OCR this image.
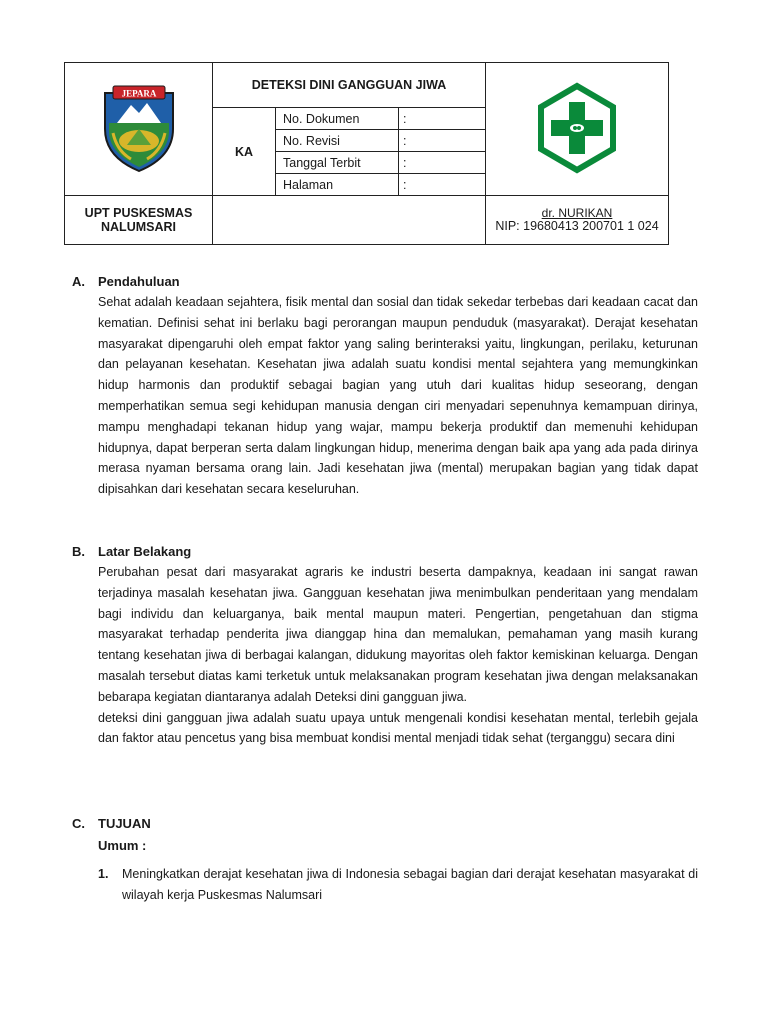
JEPARA	DETEKSI DINI GANGGUAN JIWA	
	KA	No. Dokumen	:	
		No. Revisi	:	
		Tanggal Terbit	:	
		Halaman	:	
UPT PUSKESMAS NALUMSARI				dr. NURIKAN
NIP: 19680413 200701 1 024
A. Pendahuluan
Sehat adalah keadaan sejahtera, fisik mental dan sosial dan tidak sekedar terbebas dari keadaan cacat dan kematian. Definisi sehat ini berlaku bagi perorangan maupun penduduk (masyarakat). Derajat kesehatan masyarakat dipengaruhi oleh empat faktor yang saling berinteraksi yaitu, lingkungan, perilaku, keturunan dan pelayanan kesehatan. Kesehatan jiwa adalah suatu kondisi mental sejahtera yang memungkinkan hidup harmonis dan produktif sebagai bagian yang utuh dari kualitas hidup seseorang, dengan memperhatikan semua segi kehidupan manusia dengan ciri menyadari sepenuhnya kemampuan dirinya, mampu menghadapi tekanan hidup yang wajar, mampu bekerja produktif dan memenuhi kehidupan hidupnya, dapat berperan serta dalam lingkungan hidup, menerima dengan baik apa yang ada pada dirinya merasa nyaman bersama orang lain. Jadi kesehatan jiwa (mental) merupakan bagian yang tidak dapat dipisahkan dari kesehatan secara keseluruhan.
B. Latar Belakang
Perubahan pesat dari masyarakat agraris ke industri beserta dampaknya, keadaan ini sangat rawan terjadinya masalah kesehatan jiwa. Gangguan kesehatan jiwa menimbulkan penderitaan yang mendalam bagi individu dan keluarganya, baik mental maupun materi. Pengertian, pengetahuan dan stigma masyarakat terhadap penderita jiwa dianggap hina dan memalukan, pemahaman yang masih kurang tentang kesehatan jiwa di berbagai kalangan, didukung mayoritas oleh faktor kemiskinan keluarga. Dengan masalah tersebut diatas kami terketuk untuk melaksanakan program kesehatan jiwa dengan melaksanakan bebarapa kegiatan diantaranya adalah Deteksi dini gangguan jiwa.
deteksi dini gangguan jiwa adalah suatu upaya untuk mengenali kondisi kesehatan mental, terlebih gejala dan faktor atau pencetus yang bisa membuat kondisi mental menjadi tidak sehat (terganggu) secara dini
C. TUJUAN
Umum :
1.	Meningkatkan derajat kesehatan jiwa di Indonesia sebagai bagian dari derajat kesehatan masyarakat di wilayah kerja Puskesmas Nalumsari
